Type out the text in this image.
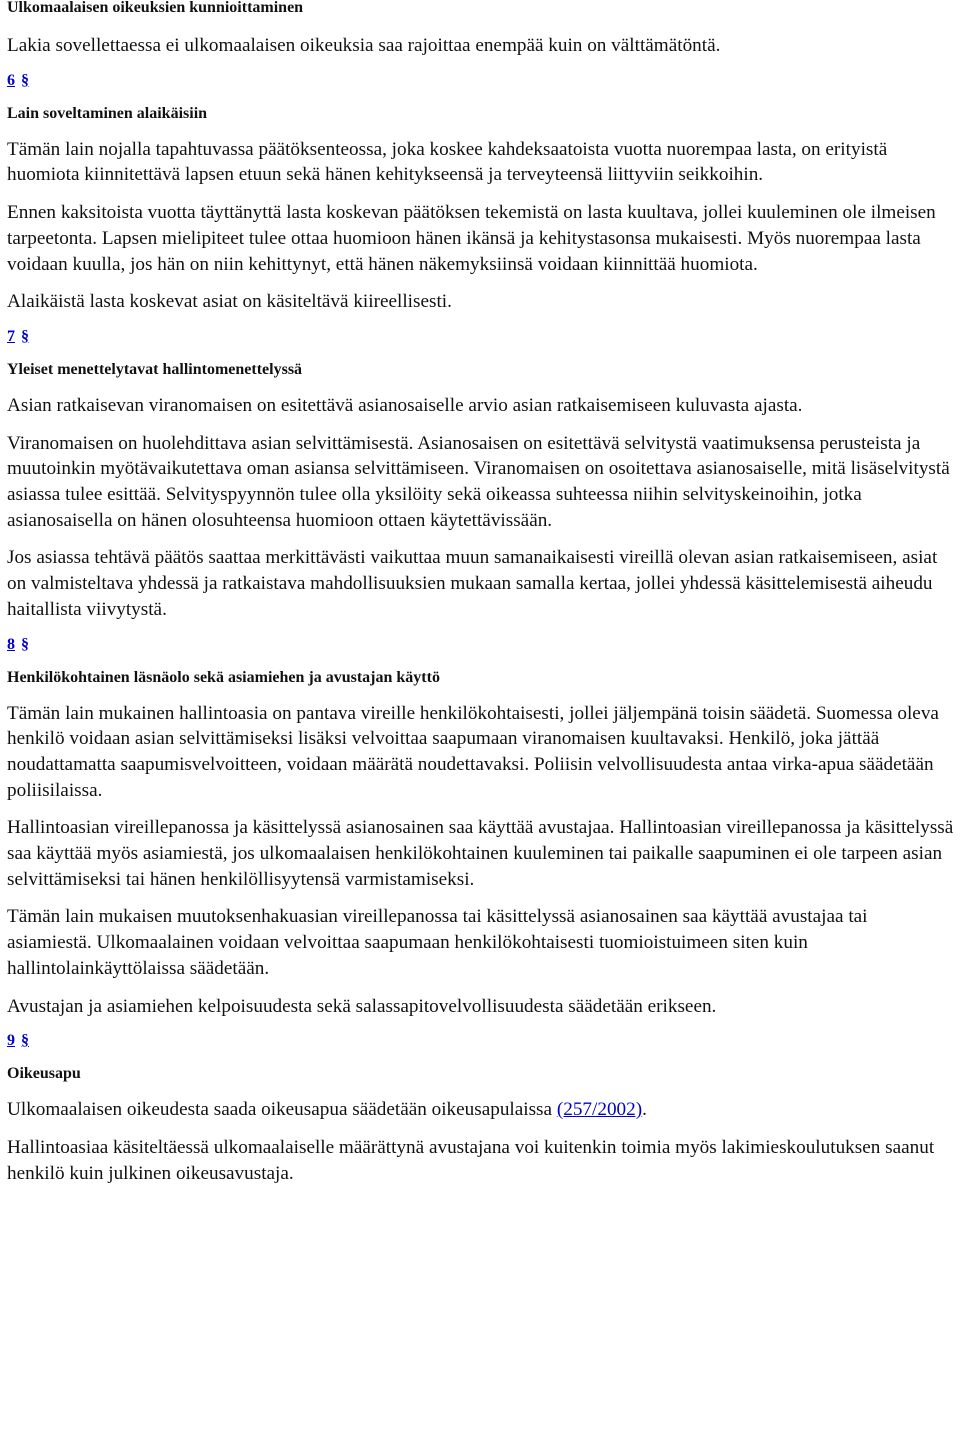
Ulkomaalaisen oikeuksien kunnioittaminen

Lakia sovellettaessa ei ulkomaalaisen oikeuksia saa rajoittaa enempää kuin on välttämätöntä.

6 §
Lain soveltaminen alaikäisiin

Tämän lain nojalla tapahtuvassa päätöksenteossa, joka koskee kahdeksaatoista vuotta nuorempaa lasta, on erityistä huomiota kiinnitettävä lapsen etuun sekä hänen kehitykseensä ja terveyteensä liittyviin seikkoihin.

Ennen kaksitoista vuotta täyttänyttä lasta koskevan päätöksen tekemistä on lasta kuultava, jollei kuuleminen ole ilmeisen tarpeetonta. Lapsen mielipiteet tulee ottaa huomioon hänen ikänsä ja kehitystasonsa mukaisesti. Myös nuorempaa lasta voidaan kuulla, jos hän on niin kehittynyt, että hänen näkemyksiinsä voidaan kiinnittää huomiota.

Alaikäistä lasta koskevat asiat on käsiteltävä kiireellisesti.

7 §
Yleiset menettelytavat hallintomenettelyssä

Asian ratkaisevan viranomaisen on esitettävä asianosaiselle arvio asian ratkaisemiseen kuluvasta ajasta.

Viranomaisen on huolehdittava asian selvittämisestä. Asianosaisen on esitettävä selvitystä vaatimuksensa perusteista ja muutoinkin myötävaikutettava oman asiansa selvittämiseen. Viranomaisen on osoitettava asianosaiselle, mitä lisäselvitystä asiassa tulee esittää. Selvityspyynnön tulee olla yksilöity sekä oikeassa suhteessa niihin selvityskeinoihin, jotka asianosaisella on hänen olosuhteensa huomioon ottaen käytettävissään.

Jos asiassa tehtävä päätös saattaa merkittävästi vaikuttaa muun samanaikaisesti vireillä olevan asian ratkaisemiseen, asiat on valmisteltava yhdessä ja ratkaistava mahdollisuuksien mukaan samalla kertaa, jollei yhdessä käsittelemisestä aiheudu haitallista viivytystä.

8 §
Henkilökohtainen läsnäolo sekä asiamiehen ja avustajan käyttö

Tämän lain mukainen hallintoasia on pantava vireille henkilökohtaisesti, jollei jäljempänä toisin säädetä. Suomessa oleva henkilö voidaan asian selvittämiseksi lisäksi velvoittaa saapumaan viranomaisen kuultavaksi. Henkilö, joka jättää noudattamatta saapumisvelvoitteen, voidaan määrätä noudettavaksi. Poliisin velvollisuudesta antaa virka-apua säädetään poliisilaissa.

Hallintoasian vireillepanossa ja käsittelyssä asianosainen saa käyttää avustajaa. Hallintoasian vireillepanossa ja käsittelyssä saa käyttää myös asiamiestä, jos ulkomaalaisen henkilökohtainen kuuleminen tai paikalle saapuminen ei ole tarpeen asian selvittämiseksi tai hänen henkilöllisyytensä varmistamiseksi.

Tämän lain mukaisen muutoksenhakuasian vireillepanossa tai käsittelyssä asianosainen saa käyttää avustajaa tai asiamiestä. Ulkomaalainen voidaan velvoittaa saapumaan henkilökohtaisesti tuomioistuimeen siten kuin hallintolainkäyttölaissa säädetään.

Avustajan ja asiamiehen kelpoisuudesta sekä salassapitovelvollisuudesta säädetään erikseen.

9 §
Oikeusapu

Ulkomaalaisen oikeudesta saada oikeusapua säädetään oikeusapulaissa (257/2002).

Hallintoasiaa käsiteltäessä ulkomaalaiselle määrättynä avustajana voi kuitenkin toimia myös lakimieskoulutuksen saanut henkilö kuin julkinen oikeusavustaja.
